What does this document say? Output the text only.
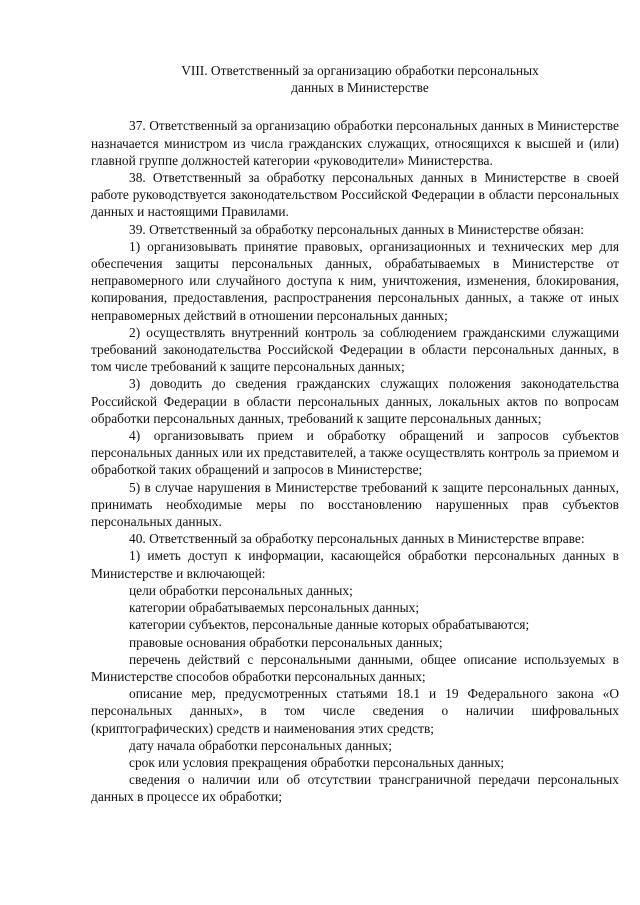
VIII. Ответственный за организацию обработки персональных
данных в Министерстве

37. Ответственный за организацию обработки персональных данных в Министерстве назначается министром из числа гражданских служащих, относящихся к высшей и (или) главной группе должностей категории «руководители» Министерства.

38. Ответственный за обработку персональных данных в Министерстве в своей работе руководствуется законодательством Российской Федерации в области персональных данных и настоящими Правилами.

39. Ответственный за обработку персональных данных в Министерстве обязан:

1) организовывать принятие правовых, организационных и технических мер для обеспечения защиты персональных данных, обрабатываемых в Министерстве от неправомерного или случайного доступа к ним, уничтожения, изменения, блокирования, копирования, предоставления, распространения персональных данных, а также от иных неправомерных действий в отношении персональных данных;

2) осуществлять внутренний контроль за соблюдением гражданскими служащими требований законодательства Российской Федерации в области персональных данных, в том числе требований к защите персональных данных;

3) доводить до сведения гражданских служащих положения законодательства Российской Федерации в области персональных данных, локальных актов по вопросам обработки персональных данных, требований к защите персональных данных;

4) организовывать прием и обработку обращений и запросов субъектов персональных данных или их представителей, а также осуществлять контроль за приемом и обработкой таких обращений и запросов в Министерстве;

5) в случае нарушения в Министерстве требований к защите персональных данных, принимать необходимые меры по восстановлению нарушенных прав субъектов персональных данных.

40. Ответственный за обработку персональных данных в Министерстве вправе:

1) иметь доступ к информации, касающейся обработки персональных данных в Министерстве и включающей:

цели обработки персональных данных;

категории обрабатываемых персональных данных;

категории субъектов, персональные данные которых обрабатываются;

правовые основания обработки персональных данных;

перечень действий с персональными данными, общее описание используемых в Министерстве способов обработки персональных данных;

описание мер, предусмотренных статьями 18.1 и 19 Федерального закона «О персональных данных», в том числе сведения о наличии шифровальных (криптографических) средств и наименования этих средств;

дату начала обработки персональных данных;

срок или условия прекращения обработки персональных данных;

сведения о наличии или об отсутствии трансграничной передачи персональных данных в процессе их обработки;
